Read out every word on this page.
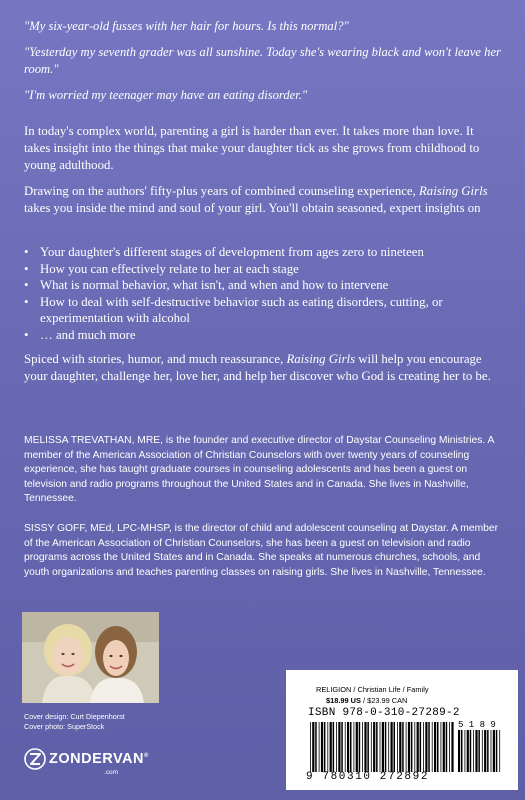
"My six-year-old fusses with her hair for hours. Is this normal?"

"Yesterday my seventh grader was all sunshine. Today she's wearing black and won't leave her room."

"I'm worried my teenager may have an eating disorder."

In today's complex world, parenting a girl is harder than ever. It takes more than love. It takes insight into the things that make your daughter tick as she grows from childhood to young adulthood.

Drawing on the authors' fifty-plus years of combined counseling experience, Raising Girls takes you inside the mind and soul of your girl. You'll obtain seasoned, expert insights on

• Your daughter's different stages of development from ages zero to nineteen
• How you can effectively relate to her at each stage
• What is normal behavior, what isn't, and when and how to intervene
• How to deal with self-destructive behavior such as eating disorders, cutting, or experimentation with alcohol
• … and much more

Spiced with stories, humor, and much reassurance, Raising Girls will help you encourage your daughter, challenge her, love her, and help her discover who God is creating her to be.

MELISSA TREVATHAN, MRE, is the founder and executive director of Daystar Counseling Ministries. A member of the American Association of Christian Counselors with over twenty years of counseling experience, she has taught graduate courses in counseling adolescents and has been a guest on television and radio programs throughout the United States and in Canada. She lives in Nashville, Tennessee.

SISSY GOFF, MEd, LPC-MHSP, is the director of child and adolescent counseling at Daystar. A member of the American Association of Christian Counselors, she has been a guest on television and radio programs across the United States and in Canada. She speaks at numerous churches, schools, and youth organizations and teaches parenting classes on raising girls. She lives in Nashville, Tennessee.

Cover design: Curt Diepenhorst
Cover photo: SuperStock
ZONDERVAN®
.com
RELIGION / Christian Life / Family
$18.99 US / $23.99 CAN
ISBN 978-0-310-27289-2
5 1 8 9
9 780310 272892
